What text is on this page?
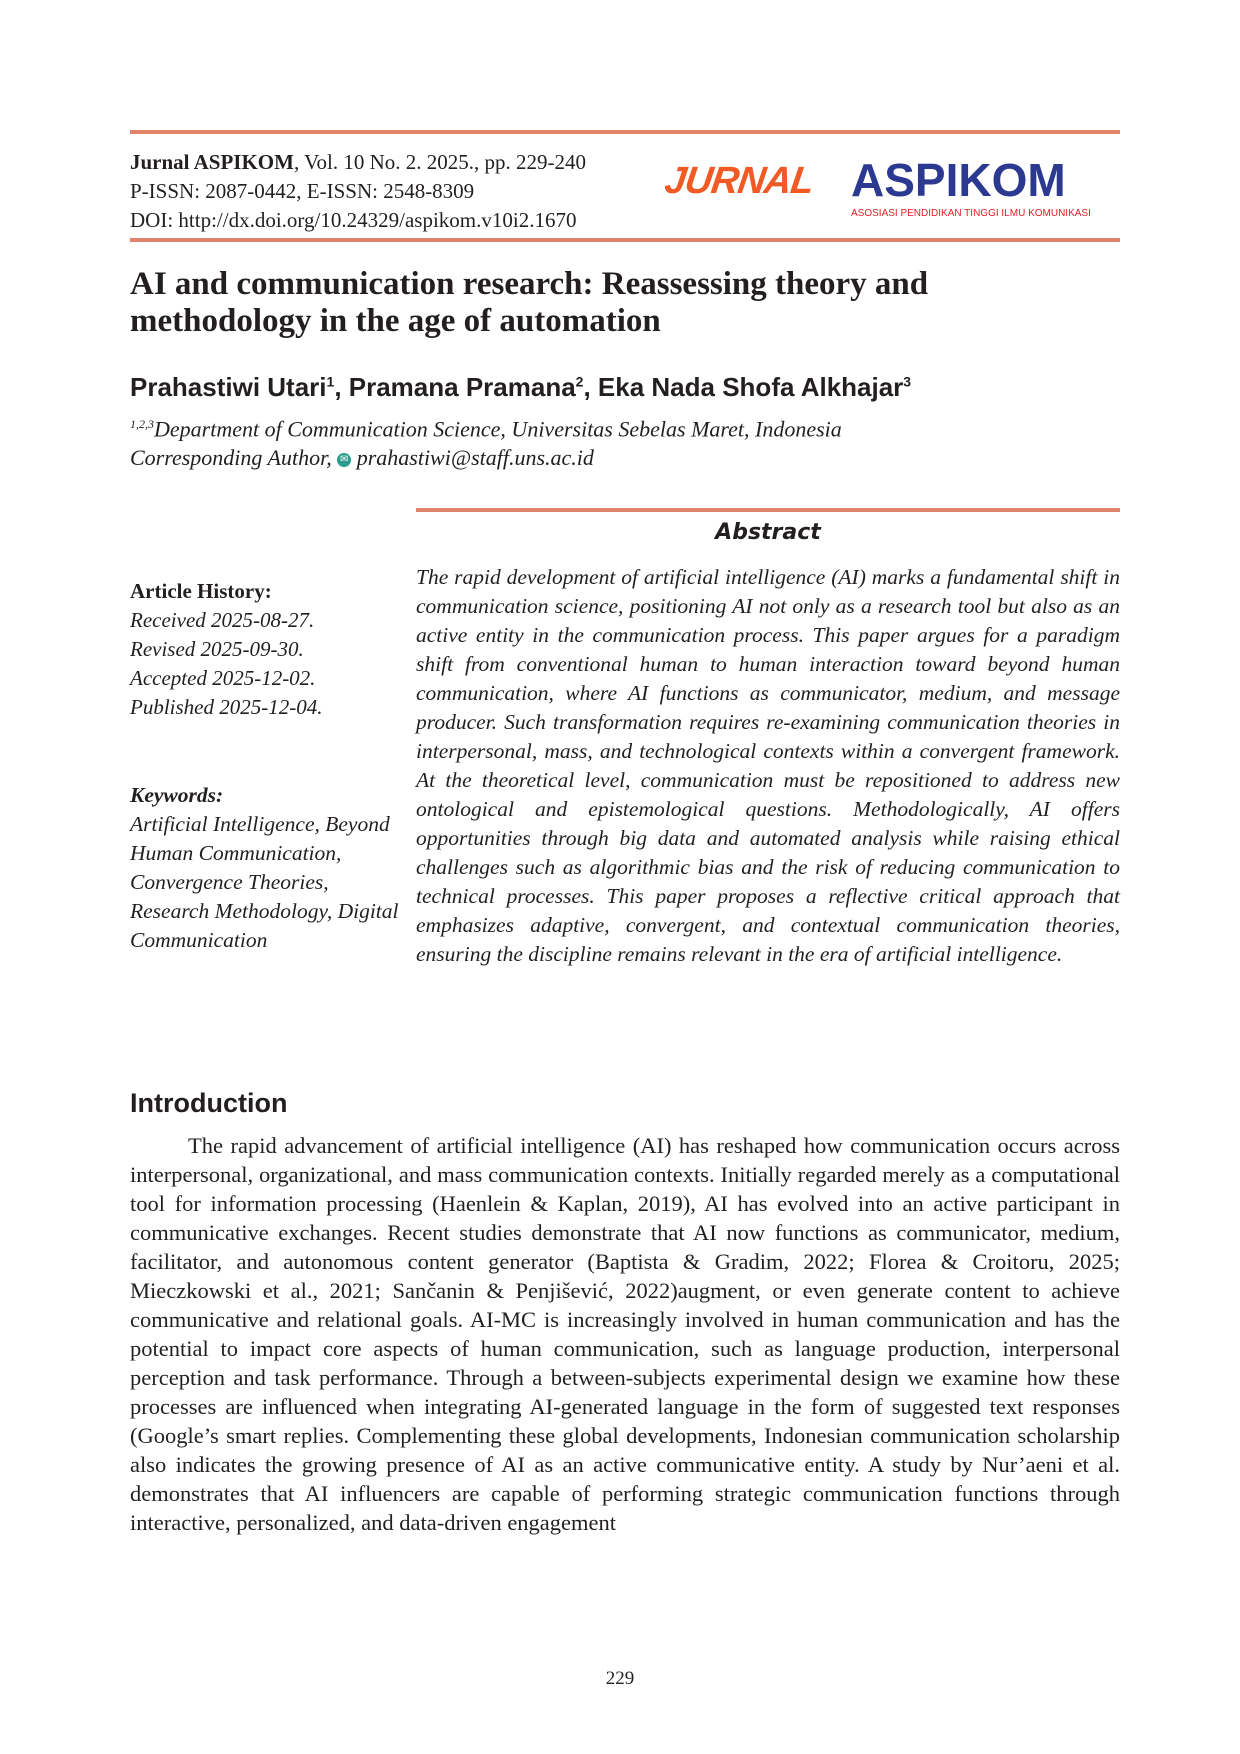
Jurnal ASPIKOM, Vol. 10 No. 2. 2025., pp. 229-240
P-ISSN: 2087-0442, E-ISSN: 2548-8309
DOI: http://dx.doi.org/10.24329/aspikom.v10i2.1670
JURNAL ASPIKOM
ASOSIASI PENDIDIKAN TINGGI ILMU KOMUNIKASI
AI and communication research: Reassessing theory and methodology in the age of automation
Prahastiwi Utari$^1$, Pramana Pramana$^2$, Eka Nada Shofa Alkhajar$^3$
$^{1,2,3}$Department of Communication Science, Universitas Sebelas Maret, Indonesia
Corresponding Author, ✉ prahastiwi@staff.uns.ac.id
Abstract
The rapid development of artificial intelligence (AI) marks a fundamental shift in communication science, positioning AI not only as a research tool but also as an active entity in the communication process. This paper argues for a paradigm shift from conventional human to human interaction toward beyond human communication, where AI functions as communicator, medium, and message producer. Such transformation requires re-examining communication theories in interpersonal, mass, and technological contexts within a convergent framework. At the theoretical level, communication must be repositioned to address new ontological and epistemological questions. Methodologically, AI offers opportunities through big data and automated analysis while raising ethical challenges such as algorithmic bias and the risk of reducing communication to technical processes. This paper proposes a reflective critical approach that emphasizes adaptive, convergent, and contextual communication theories, ensuring the discipline remains relevant in the era of artificial intelligence.
Article History:
Received 2025-08-27.
Revised 2025-09-30.
Accepted 2025-12-02.
Published 2025-12-04.
Keywords:
Artificial Intelligence, Beyond Human Communication, Convergence Theories, Research Methodology, Digital Communication
Introduction

The rapid advancement of artificial intelligence (AI) has reshaped how communication occurs across interpersonal, organizational, and mass communication contexts. Initially regarded merely as a computational tool for information processing (Haenlein & Kaplan, 2019), AI has evolved into an active participant in communicative exchanges. Recent studies demonstrate that AI now functions as communicator, medium, facilitator, and autonomous content generator (Baptista & Gradim, 2022; Florea & Croitoru, 2025; Mieczkowski et al., 2021; Sančanin & Penjišević, 2022)augment, or even generate content to achieve communicative and relational goals. AI-MC is increasingly involved in human communication and has the potential to impact core aspects of human communication, such as language production, interpersonal perception and task performance. Through a between-subjects experimental design we examine how these processes are influenced when integrating AI-generated language in the form of suggested text responses (Google’s smart replies. Complementing these global developments, Indonesian communication scholarship also indicates the growing presence of AI as an active communicative entity. A study by Nur’aeni et al. demonstrates that AI influencers are capable of performing strategic communication functions through interactive, personalized, and data-driven engagement

229
